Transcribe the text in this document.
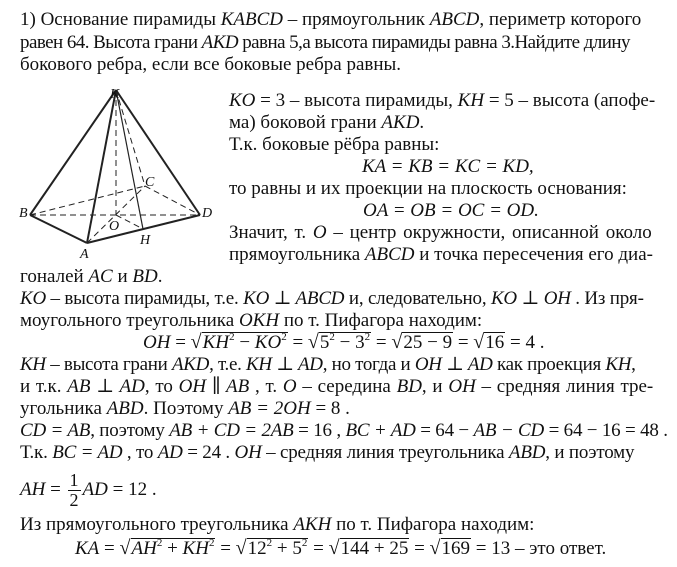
1) Основание пирамиды KABCD – прямоугольник ABCD, периметр которого
равен 64. Высота грани AKD равна 5,а высота пирамиды равна 3.Найдите длину
бокового ребра, если все боковые ребра равны.
K
B
C
D
O
H
A
KO = 3 – высота пирамиды, KH = 5 – высота (апофе-
ма) боковой грани AKD.
Т.к. боковые рёбра равны:
KA = KB = KC = KD,
то равны и их проекции на плоскость основания:
OA = OB = OC = OD.
Значит, т. O – центр окружности, описанной около
прямоугольника ABCD и точка пересечения его диа-
гоналей AC и BD.
KO – высота пирамиды, т.е. KO ⊥ ABCD и, следовательно, KO ⊥ OH . Из пря-
моугольного треугольника OKH по т. Пифагора находим:
OH = √ $KH^2 - KO^2$ = √ $5^2 - 3^2$ = √ 25 − 9 = √ 16 = 4 .
KH – высота грани AKD, т.е. KH ⊥ AD, но тогда и OH ⊥ AD как проекция KH,
и т.к. AB ⊥ AD, то OH ∥ AB , т. O – середина BD, и OH – средняя линия тре-
угольника ABD. Поэтому AB = 2OH = 8 .
CD = AB, поэтому AB + CD = 2AB = 16 , BC + AD = 64 − AB − CD = 64 − 16 = 48 .
Т.к. BC = AD , то AD = 24 . OH – средняя линия треугольника ABD, и поэтому
AH = $\frac{1}{2}$ AD = 12 .
Из прямоугольного треугольника AKH по т. Пифагора находим:
KA = √ $AH^2 + KH^2$ = √ $12^2 + 5^2$ = √ 144 + 25 = √ 169 = 13 – это ответ.
